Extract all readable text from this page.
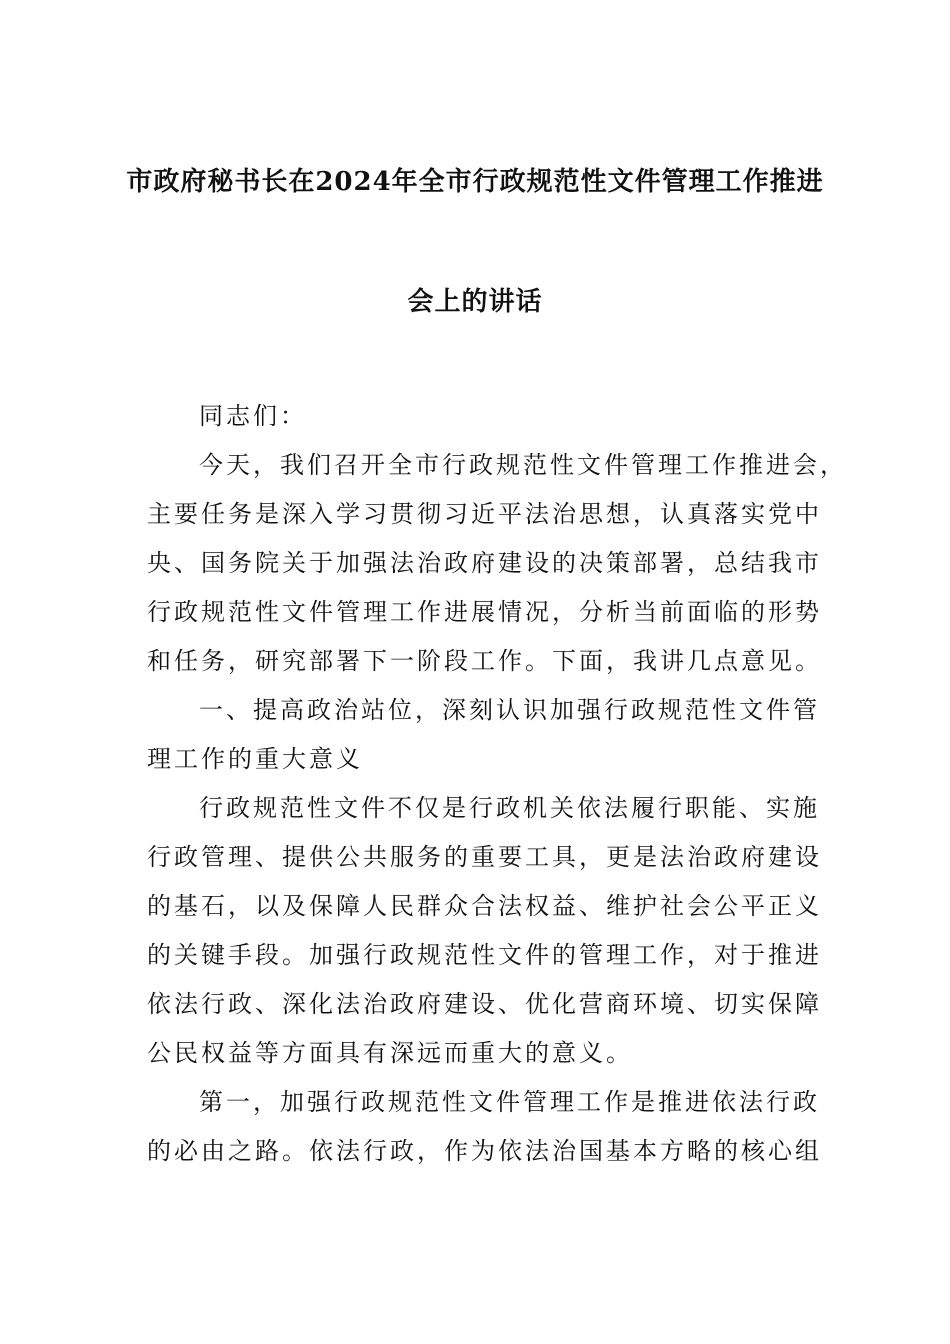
市政府秘书长在2024年全市行政规范性文件管理工作推进
会上的讲话
同志们：
今天，我们召开全市行政规范性文件管理工作推进会，
主要任务是深入学习贯彻习近平法治思想，认真落实党中
央、国务院关于加强法治政府建设的决策部署，总结我市
行政规范性文件管理工作进展情况，分析当前面临的形势
和任务，研究部署下一阶段工作。下面，我讲几点意见。
一、提高政治站位，深刻认识加强行政规范性文件管
理工作的重大意义
行政规范性文件不仅是行政机关依法履行职能、实施
行政管理、提供公共服务的重要工具，更是法治政府建设
的基石，以及保障人民群众合法权益、维护社会公平正义
的关键手段。加强行政规范性文件的管理工作，对于推进
依法行政、深化法治政府建设、优化营商环境、切实保障
公民权益等方面具有深远而重大的意义。
第一，加强行政规范性文件管理工作是推进依法行政
的必由之路。依法行政，作为依法治国基本方略的核心组
